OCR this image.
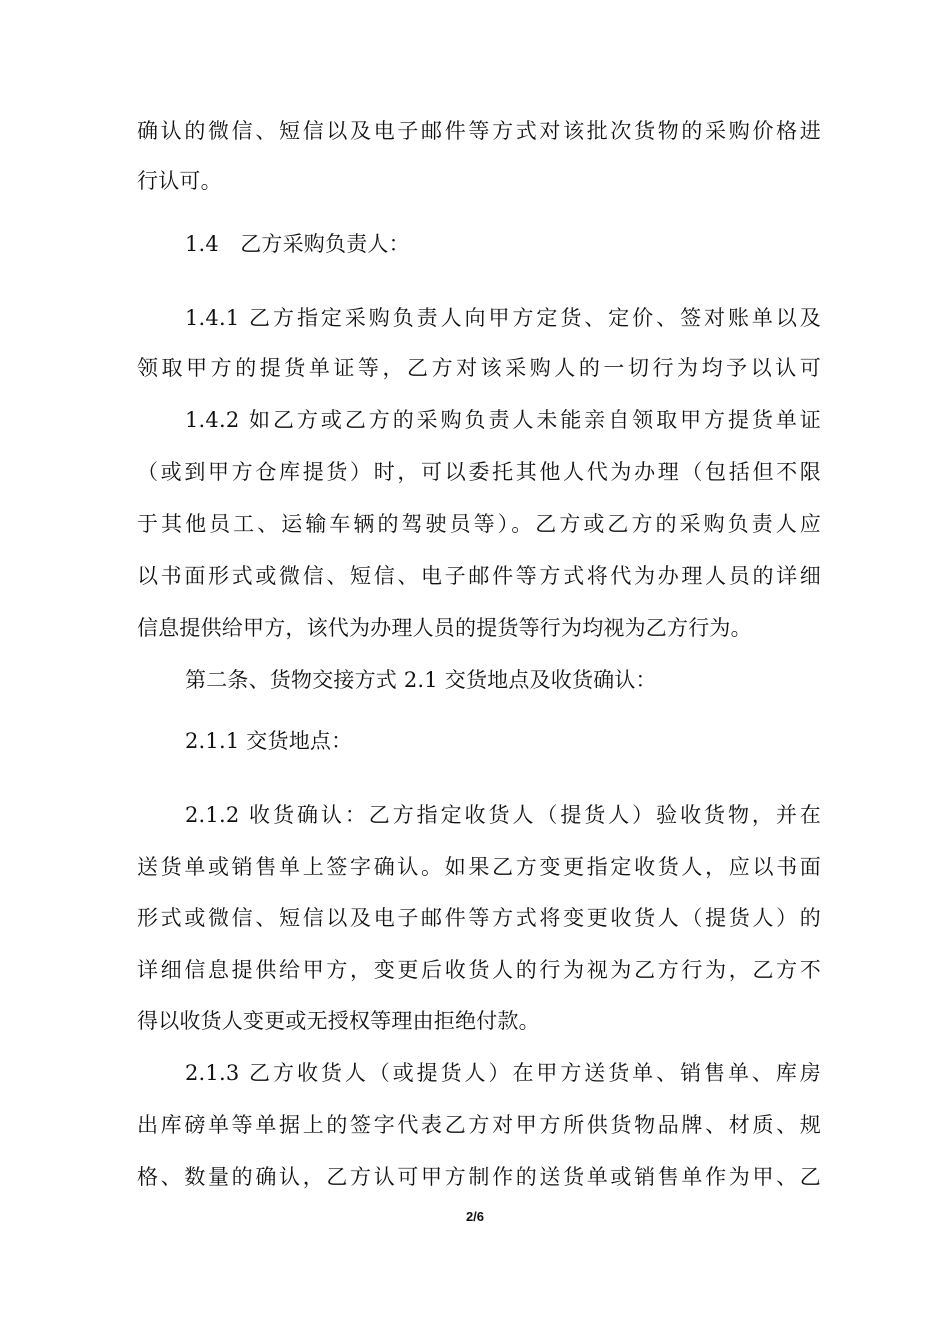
确认的微信、短信以及电子邮件等方式对该批次货物的采购价格进
行认可。
1.4　乙方采购负责人：
1.4.1 乙方指定采购负责人向甲方定货、定价、签对账单以及
领取甲方的提货单证等，乙方对该采购人的一切行为均予以认可
1.4.2 如乙方或乙方的采购负责人未能亲自领取甲方提货单证
（或到甲方仓库提货）时，可以委托其他人代为办理（包括但不限
于其他员工、运输车辆的驾驶员等）。乙方或乙方的采购负责人应
以书面形式或微信、短信、电子邮件等方式将代为办理人员的详细
信息提供给甲方，该代为办理人员的提货等行为均视为乙方行为。
第二条、货物交接方式 2.1 交货地点及收货确认：
2.1.1 交货地点：
2.1.2 收货确认：乙方指定收货人（提货人）验收货物，并在
送货单或销售单上签字确认。如果乙方变更指定收货人，应以书面
形式或微信、短信以及电子邮件等方式将变更收货人（提货人）的
详细信息提供给甲方，变更后收货人的行为视为乙方行为，乙方不
得以收货人变更或无授权等理由拒绝付款。
2.1.3 乙方收货人（或提货人）在甲方送货单、销售单、库房
出库磅单等单据上的签字代表乙方对甲方所供货物品牌、材质、规
格、数量的确认，乙方认可甲方制作的送货单或销售单作为甲、乙
2/6
